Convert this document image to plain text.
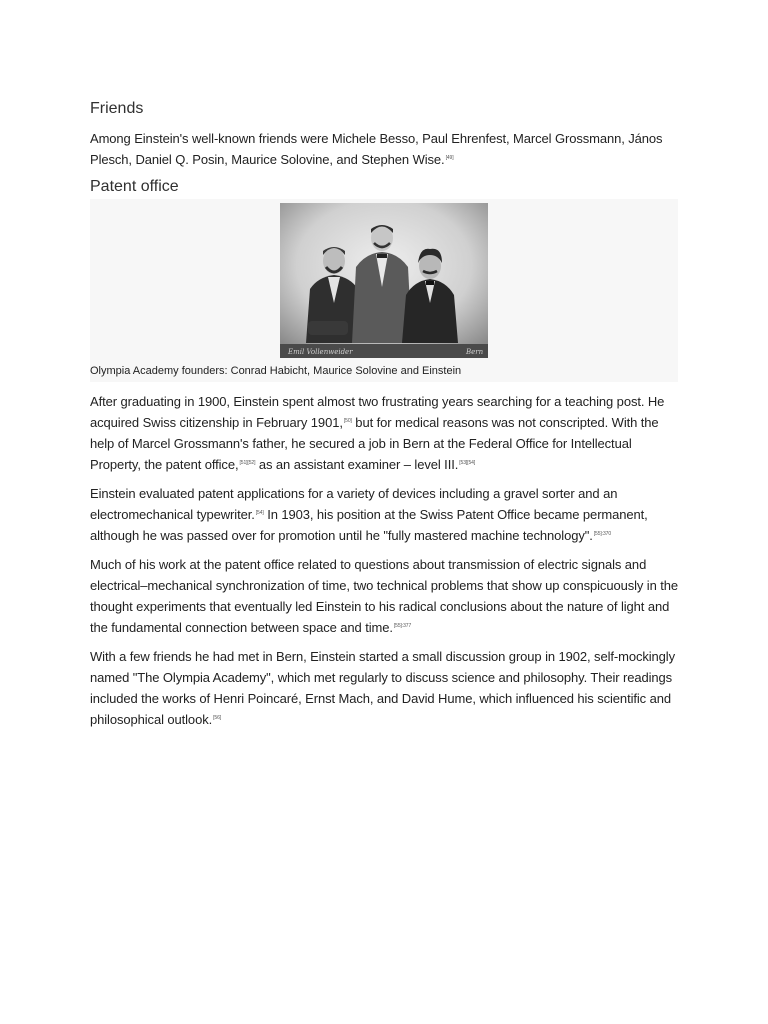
Friends

Among Einstein's well-known friends were Michele Besso, Paul Ehrenfest, Marcel Grossmann, János Plesch, Daniel Q. Posin, Maurice Solovine, and Stephen Wise.[49]

Patent office
Emil Vollenweider	Bern
Olympia Academy founders: Conrad Habicht, Maurice Solovine and Einstein

After graduating in 1900, Einstein spent almost two frustrating years searching for a teaching post. He acquired Swiss citizenship in February 1901,[50] but for medical reasons was not conscripted. With the help of Marcel Grossmann's father, he secured a job in Bern at the Federal Office for Intellectual Property, the patent office,[51][52] as an assistant examiner – level III.[53][54]

Einstein evaluated patent applications for a variety of devices including a gravel sorter and an electromechanical typewriter.[54] In 1903, his position at the Swiss Patent Office became permanent, although he was passed over for promotion until he "fully mastered machine technology".$^{[55]:370}$

Much of his work at the patent office related to questions about transmission of electric signals and electrical–mechanical synchronization of time, two technical problems that show up conspicuously in the thought experiments that eventually led Einstein to his radical conclusions about the nature of light and the fundamental connection between space and time.$^{[55]:377}$

With a few friends he had met in Bern, Einstein started a small discussion group in 1902, self-mockingly named "The Olympia Academy", which met regularly to discuss science and philosophy. Their readings included the works of Henri Poincaré, Ernst Mach, and David Hume, which influenced his scientific and philosophical outlook.[56]
